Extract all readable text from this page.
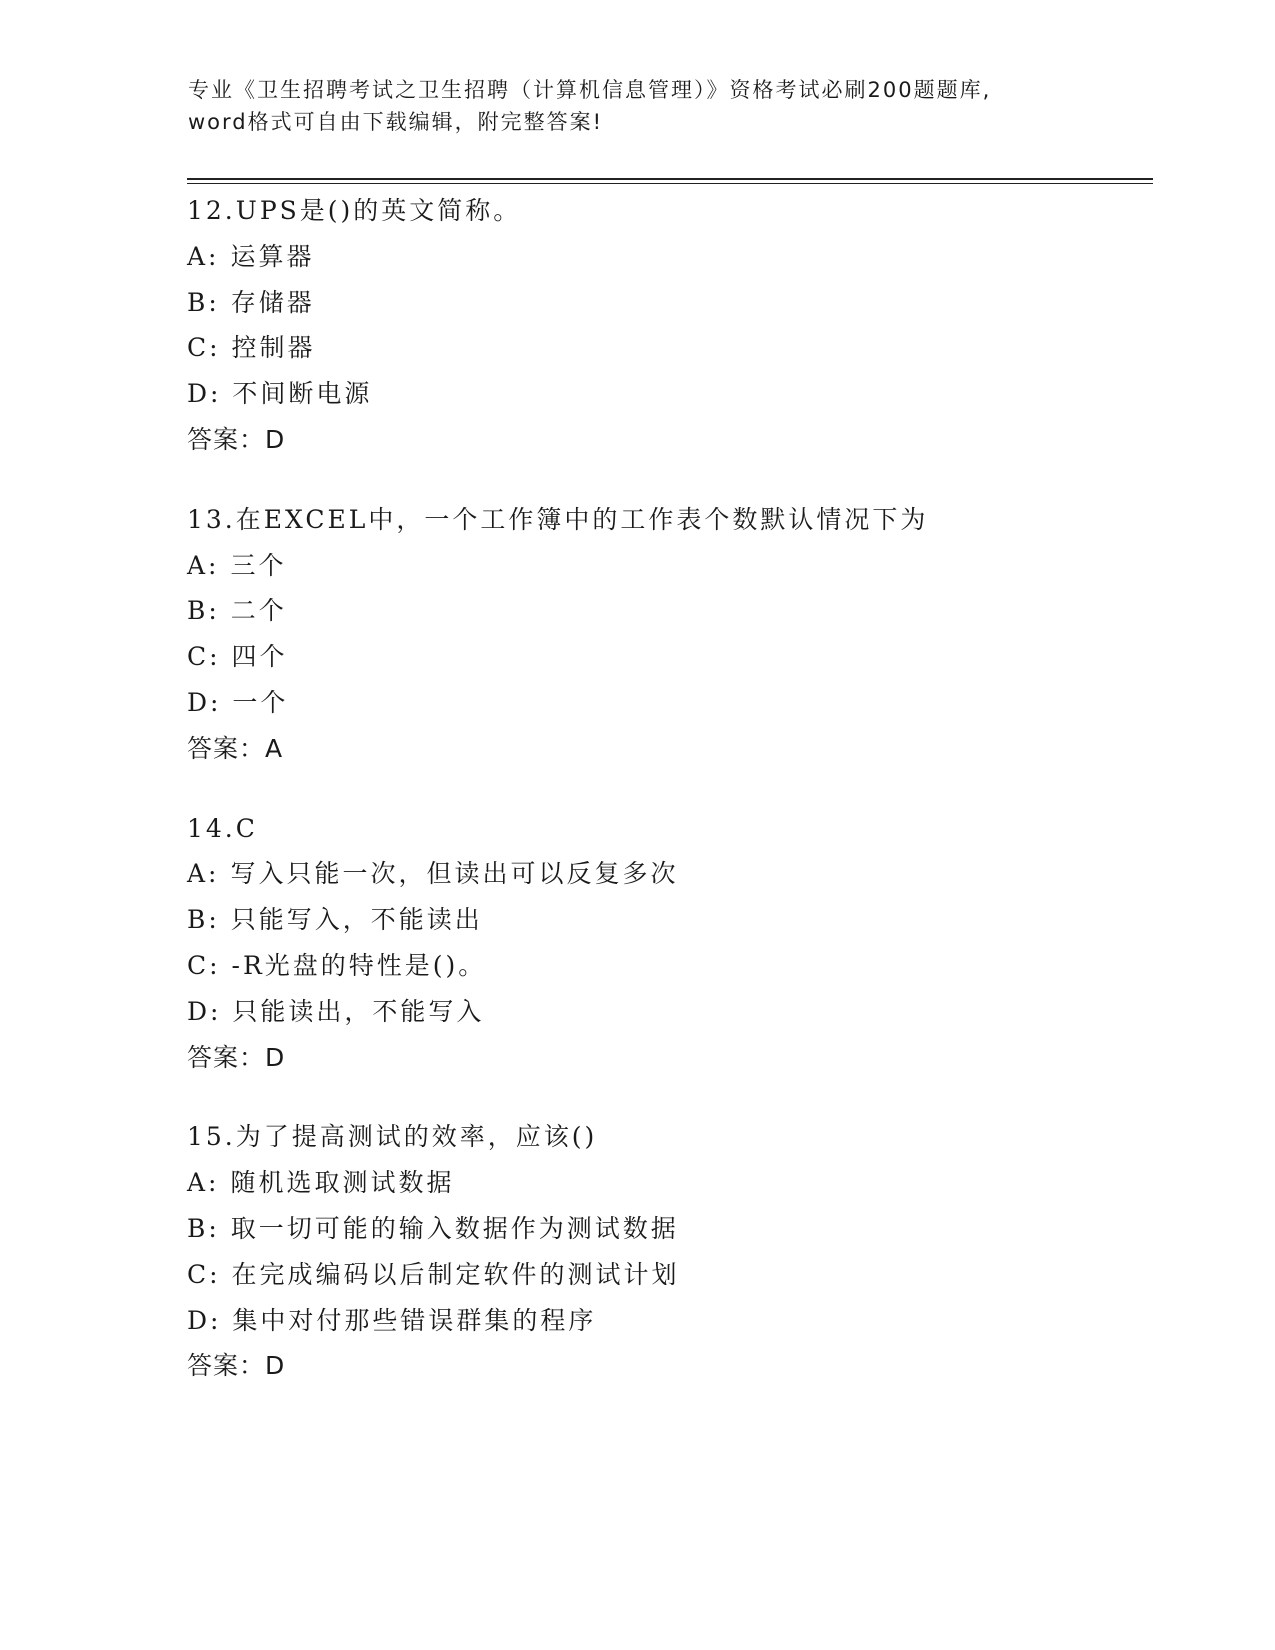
专业《卫生招聘考试之卫生招聘（计算机信息管理）》资格考试必刷200题题库,
word格式可自由下载编辑，附完整答案!
12.UPS是()的英文简称。
A: 运算器
B: 存储器
C: 控制器
D: 不间断电源
答案：D
13.在EXCEL中，一个工作簿中的工作表个数默认情况下为
A: 三个
B: 二个
C: 四个
D: 一个
答案：A
14.C
A: 写入只能一次，但读出可以反复多次
B: 只能写入，不能读出
C: -R光盘的特性是()。
D: 只能读出，不能写入
答案：D
15.为了提高测试的效率，应该()
A: 随机选取测试数据
B: 取一切可能的输入数据作为测试数据
C: 在完成编码以后制定软件的测试计划
D: 集中对付那些错误群集的程序
答案：D
